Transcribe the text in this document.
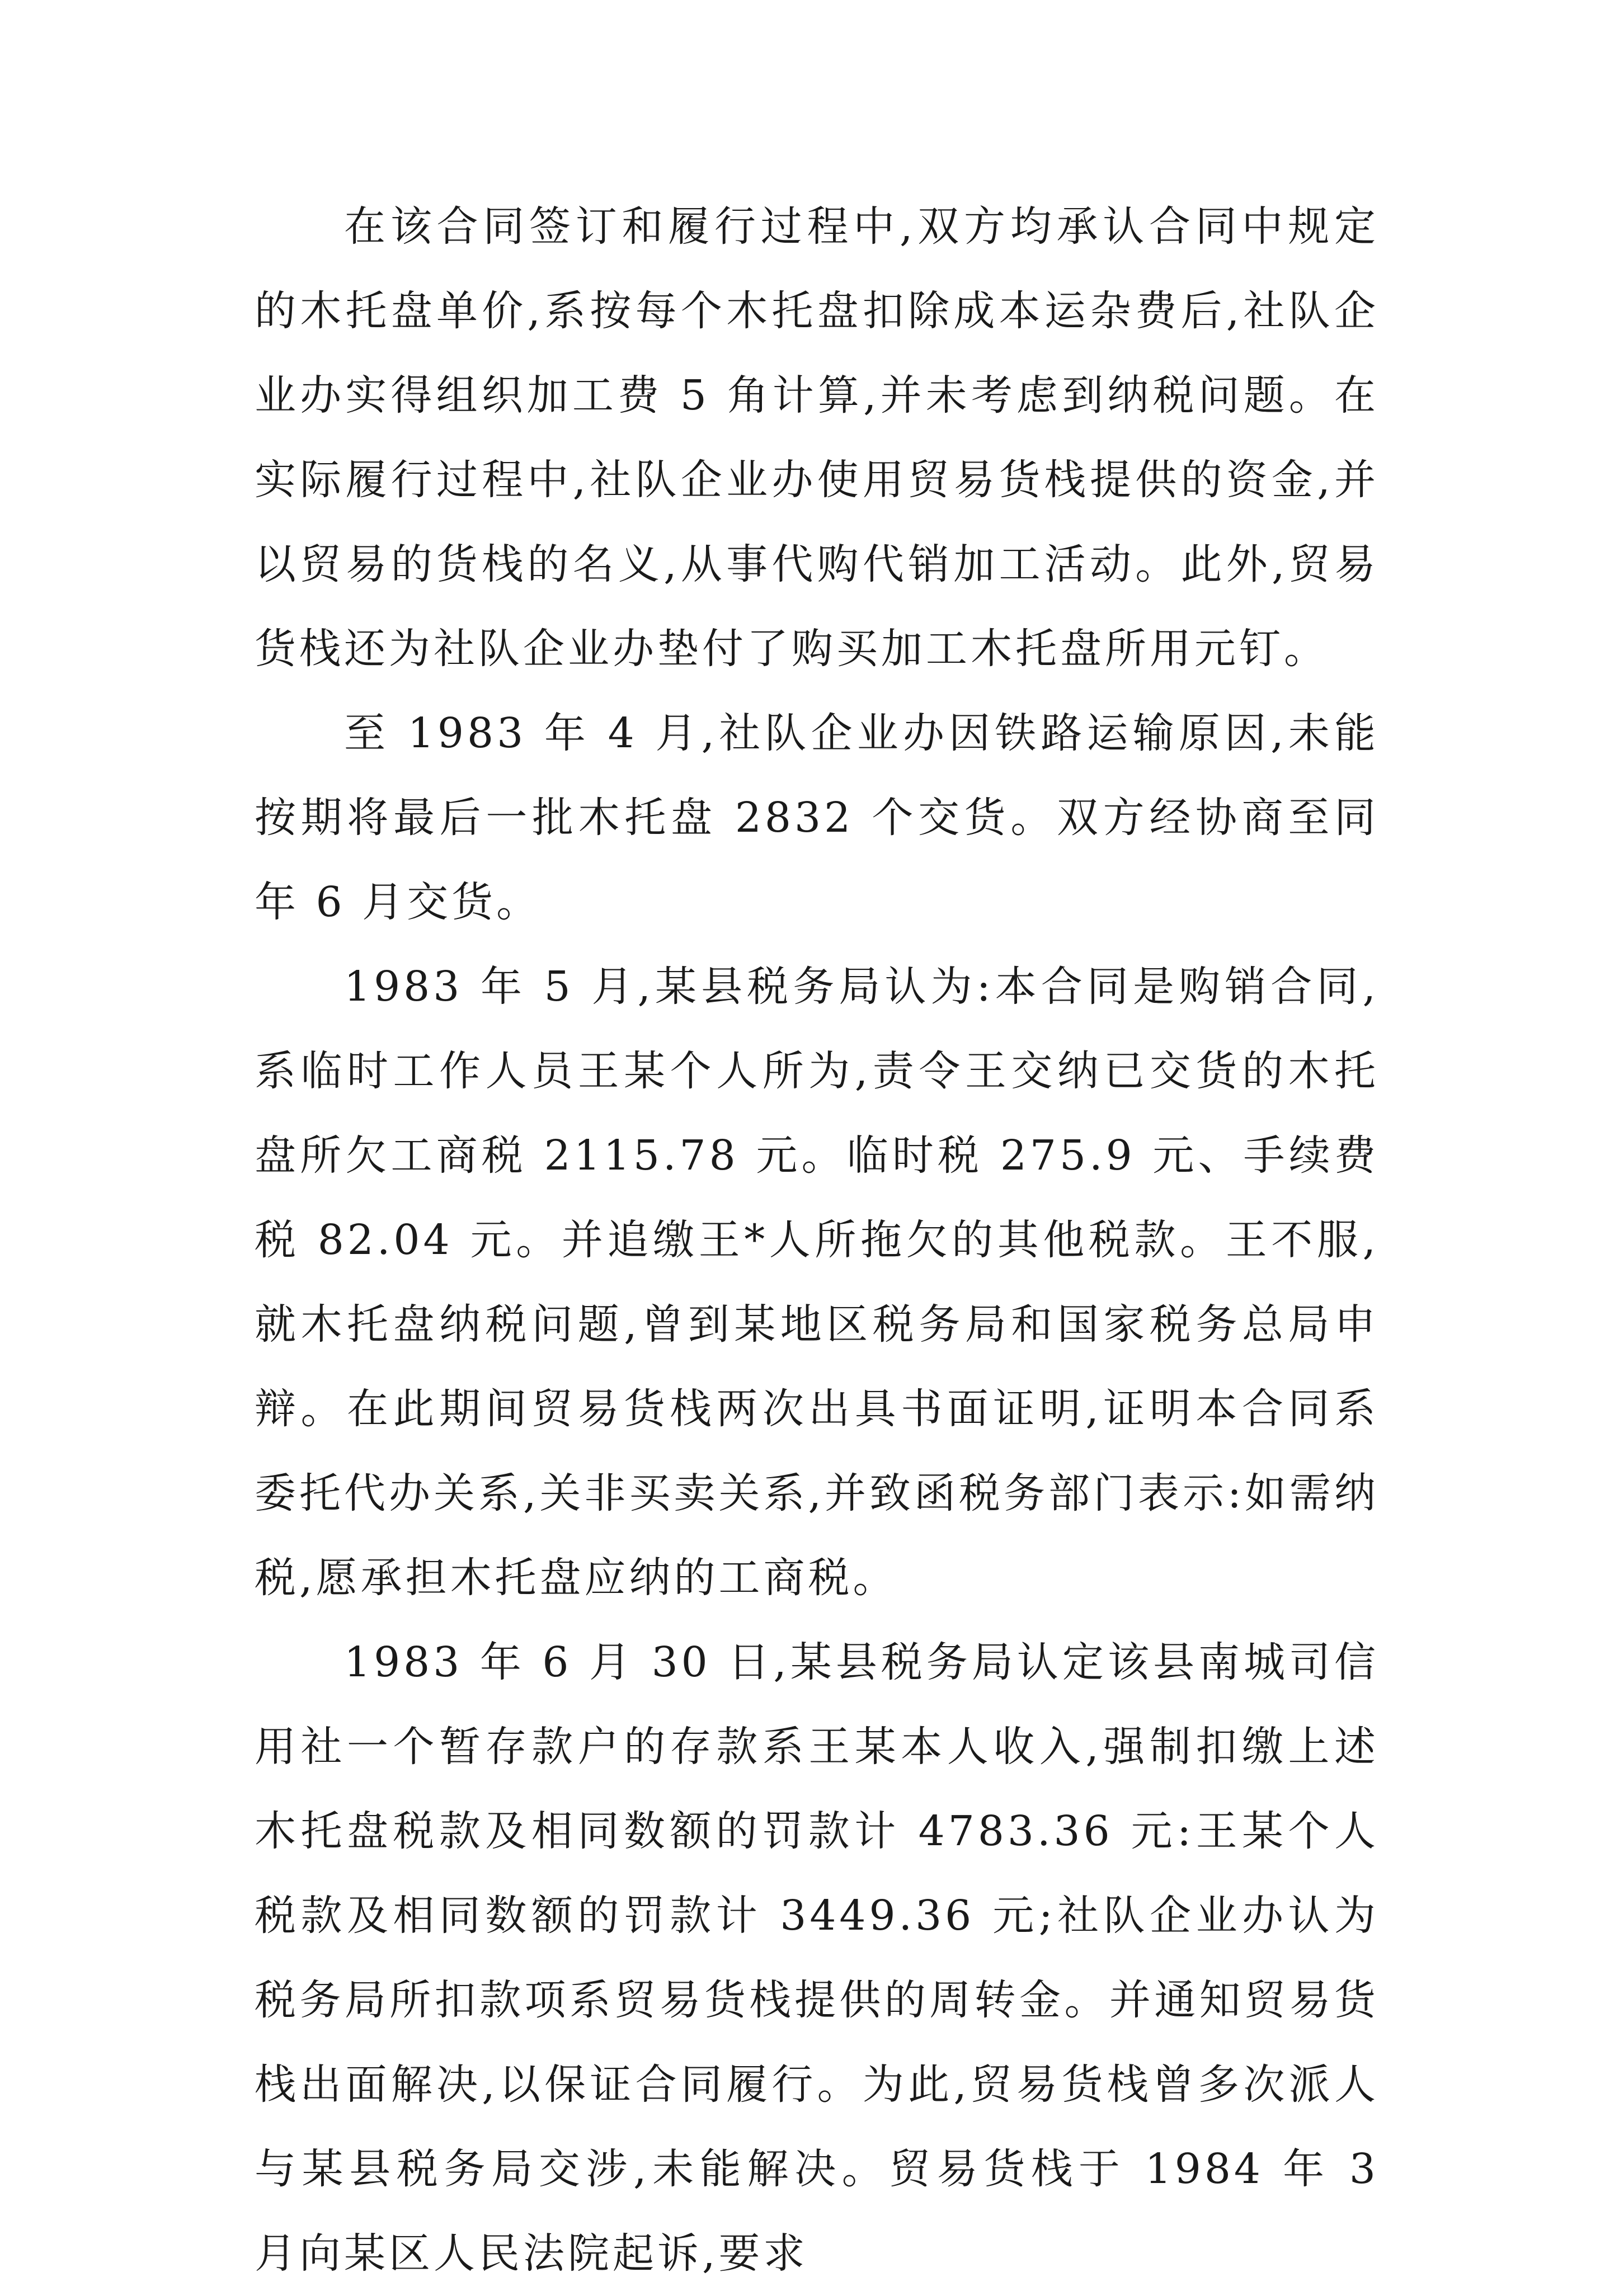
在该合同签订和履行过程中,双方均承认合同中规定的木托盘单价,系按每个木托盘扣除成本运杂费后,社队企业办实得组织加工费 5 角计算,并未考虑到纳税问题。在实际履行过程中,社队企业办使用贸易货栈提供的资金,并以贸易的货栈的名义,从事代购代销加工活动。此外,贸易货栈还为社队企业办垫付了购买加工木托盘所用元钉。

至 1983 年 4 月,社队企业办因铁路运输原因,未能按期将最后一批木托盘 2832 个交货。双方经协商至同年 6 月交货。

1983 年 5 月,某县税务局认为:本合同是购销合同,系临时工作人员王某个人所为,责令王交纳已交货的木托盘所欠工商税 2115.78 元。临时税 275.9 元、手续费税 82.04 元。并追缴王*人所拖欠的其他税款。王不服,就木托盘纳税问题,曾到某地区税务局和国家税务总局申辩。在此期间贸易货栈两次出具书面证明,证明本合同系委托代办关系,关非买卖关系,并致函税务部门表示:如需纳税,愿承担木托盘应纳的工商税。

1983 年 6 月 30 日,某县税务局认定该县南城司信用社一个暂存款户的存款系王某本人收入,强制扣缴上述木托盘税款及相同数额的罚款计 4783.36 元:王某个人税款及相同数额的罚款计 3449.36 元;社队企业办认为税务局所扣款项系贸易货栈提供的周转金。并通知贸易货栈出面解决,以保证合同履行。为此,贸易货栈曾多次派人与某县税务局交涉,未能解决。贸易货栈于 1984 年 3 月向某区人民法院起诉,要求
